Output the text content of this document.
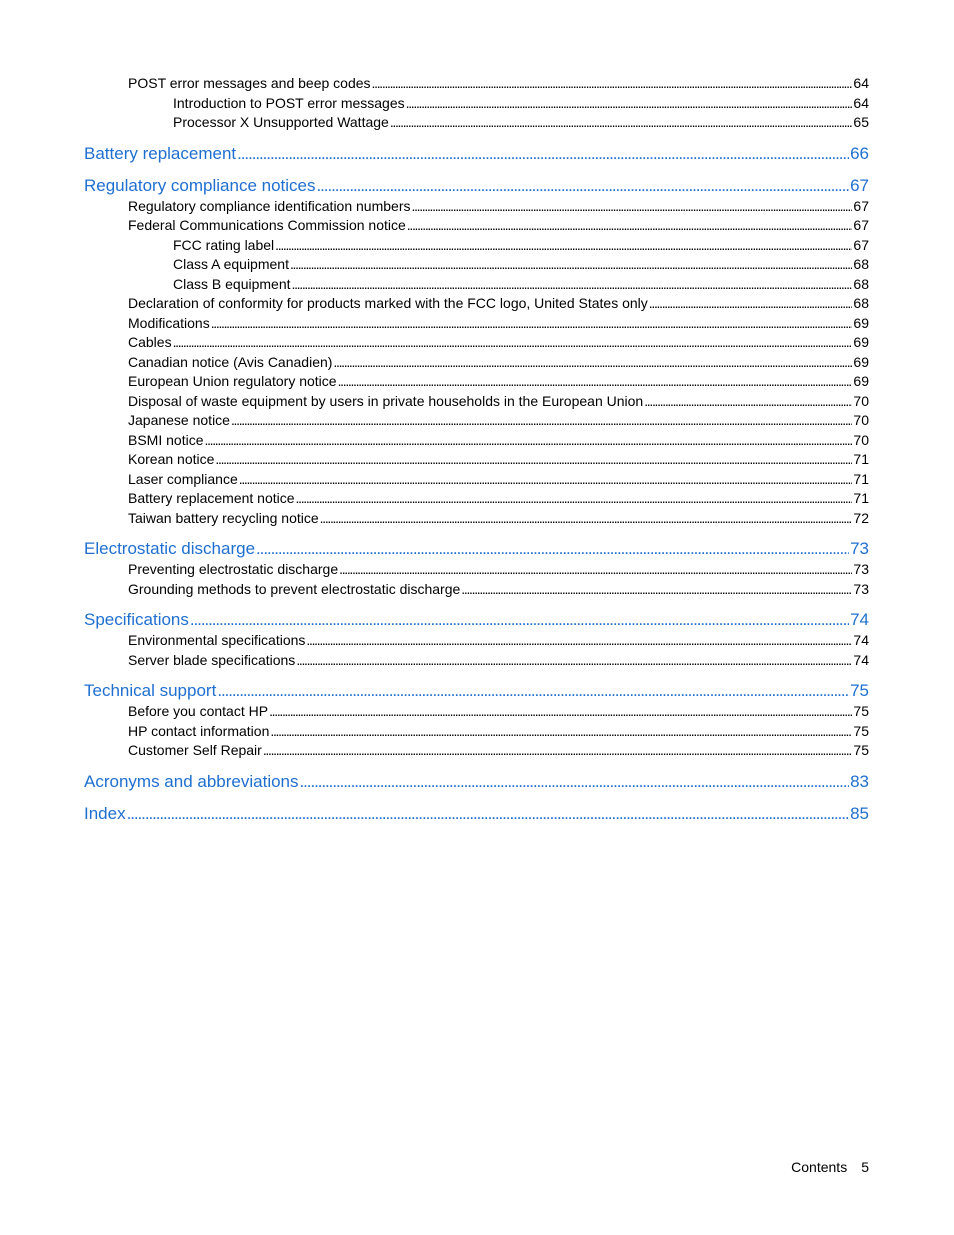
POST error messages and beep codes . . .	64
Introduction to POST error messages . . .	64
Processor X Unsupported Wattage . . .	65
Battery replacement . . .	66
Regulatory compliance notices . . .	67
Regulatory compliance identification numbers . . .	67
Federal Communications Commission notice . . .	67
FCC rating label . . .	67
Class A equipment . . .	68
Class B equipment . . .	68
Declaration of conformity for products marked with the FCC logo, United States only . . .	68
Modifications . . .	69
Cables . . .	69
Canadian notice (Avis Canadien) . . .	69
European Union regulatory notice . . .	69
Disposal of waste equipment by users in private households in the European Union . . .	70
Japanese notice . . .	70
BSMI notice . . .	70
Korean notice . . .	71
Laser compliance . . .	71
Battery replacement notice . . .	71
Taiwan battery recycling notice . . .	72
Electrostatic discharge . . .	73
Preventing electrostatic discharge . . .	73
Grounding methods to prevent electrostatic discharge . . .	73
Specifications . . .	74
Environmental specifications . . .	74
Server blade specifications . . .	74
Technical support . . .	75
Before you contact HP . . .	75
HP contact information . . .	75
Customer Self Repair . . .	75
Acronyms and abbreviations . . .	83
Index . . .	85
Contents 5
